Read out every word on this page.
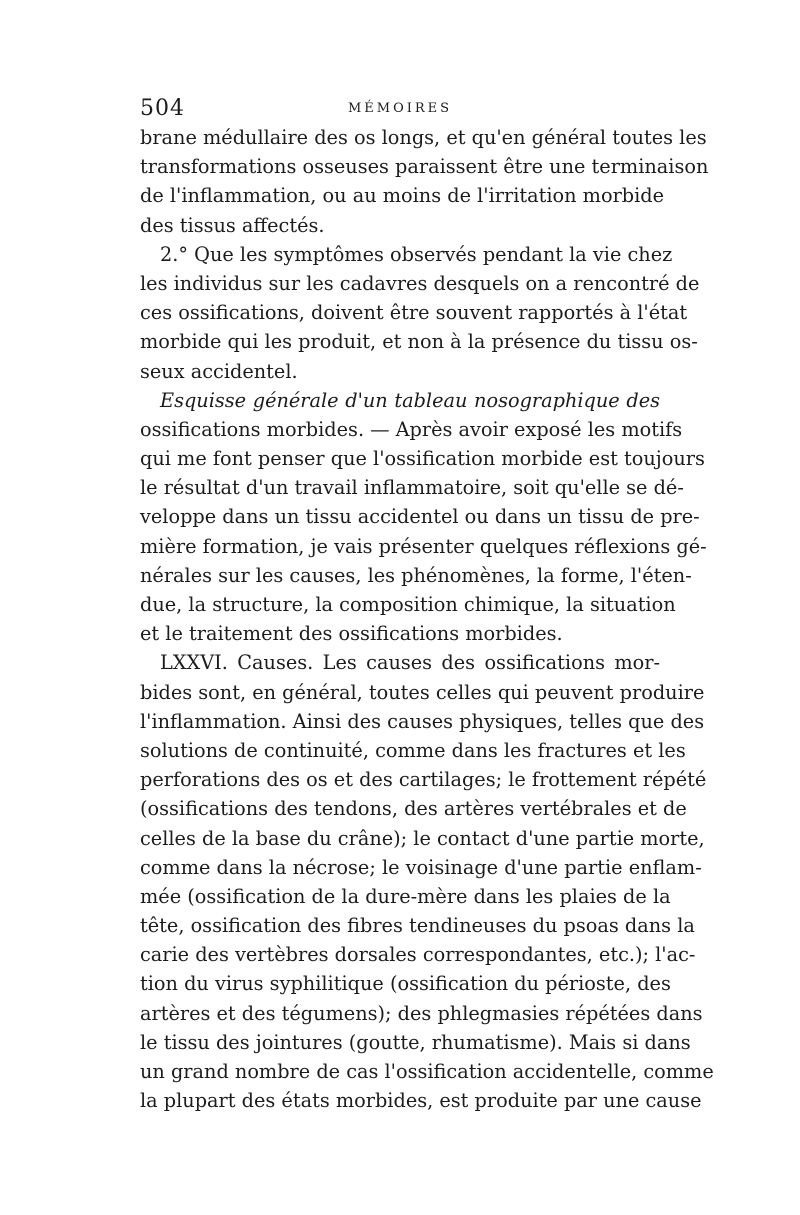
504	MÉMOIRES
brane médullaire des os longs, et qu'en général toutes les
transformations osseuses paraissent être une terminaison
de l'inflammation, ou au moins de l'irritation morbide
des tissus affectés.
2.° Que les symptômes observés pendant la vie chez
les individus sur les cadavres desquels on a rencontré de
ces ossifications, doivent être souvent rapportés à l'état
morbide qui les produit, et non à la présence du tissu os-
seux accidentel.
Esquisse générale d'un tableau nosographique des
ossifications morbides. — Après avoir exposé les motifs
qui me font penser que l'ossification morbide est toujours
le résultat d'un travail inflammatoire, soit qu'elle se dé-
veloppe dans un tissu accidentel ou dans un tissu de pre-
mière formation, je vais présenter quelques réflexions gé-
nérales sur les causes, les phénomènes, la forme, l'éten-
due, la structure, la composition chimique, la situation
et le traitement des ossifications morbides.
LXXVI. Causes. Les causes des ossifications mor-
bides sont, en général, toutes celles qui peuvent produire
l'inflammation. Ainsi des causes physiques, telles que des
solutions de continuité, comme dans les fractures et les
perforations des os et des cartilages; le frottement répété
(ossifications des tendons, des artères vertébrales et de
celles de la base du crâne); le contact d'une partie morte,
comme dans la nécrose; le voisinage d'une partie enflam-
mée (ossification de la dure-mère dans les plaies de la
tête, ossification des fibres tendineuses du psoas dans la
carie des vertèbres dorsales correspondantes, etc.); l'ac-
tion du virus syphilitique (ossification du périoste, des
artères et des tégumens); des phlegmasies répétées dans
le tissu des jointures (goutte, rhumatisme). Mais si dans
un grand nombre de cas l'ossification accidentelle, comme
la plupart des états morbides, est produite par une cause
